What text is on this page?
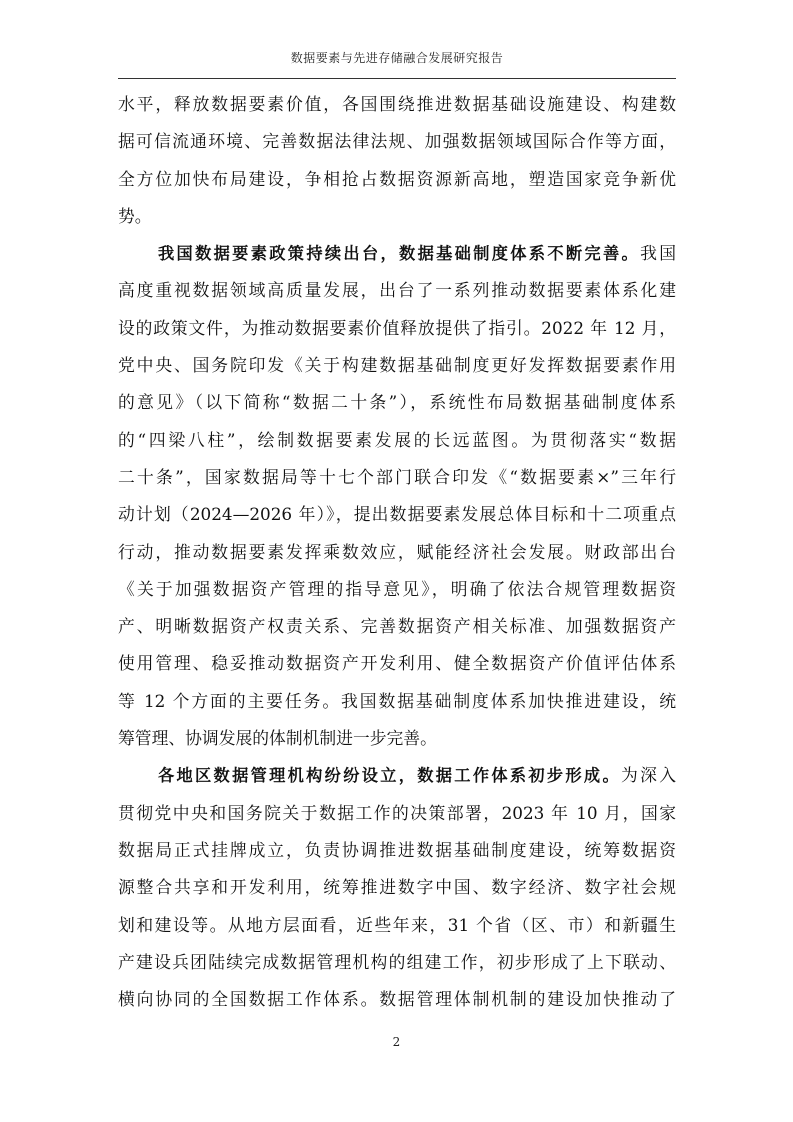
数据要素与先进存储融合发展研究报告
水平，释放数据要素价值，各国围绕推进数据基础设施建设、构建数
据可信流通环境、完善数据法律法规、加强数据领域国际合作等方面，
全方位加快布局建设，争相抢占数据资源新高地，塑造国家竞争新优
势。
我国数据要素政策持续出台，数据基础制度体系不断完善。我国
高度重视数据领域高质量发展，出台了一系列推动数据要素体系化建
设的政策文件，为推动数据要素价值释放提供了指引。2022 年 12 月，
党中央、国务院印发《关于构建数据基础制度更好发挥数据要素作用
的意见》（以下简称“数据二十条”），系统性布局数据基础制度体系
的“四梁八柱”，绘制数据要素发展的长远蓝图。为贯彻落实“数据
二十条”，国家数据局等十七个部门联合印发《“数据要素×”三年行
动计划（2024—2026 年）》，提出数据要素发展总体目标和十二项重点
行动，推动数据要素发挥乘数效应，赋能经济社会发展。财政部出台
《关于加强数据资产管理的指导意见》，明确了依法合规管理数据资
产、明晰数据资产权责关系、完善数据资产相关标准、加强数据资产
使用管理、稳妥推动数据资产开发利用、健全数据资产价值评估体系
等 12 个方面的主要任务。我国数据基础制度体系加快推进建设，统
筹管理、协调发展的体制机制进一步完善。
各地区数据管理机构纷纷设立，数据工作体系初步形成。为深入
贯彻党中央和国务院关于数据工作的决策部署，2023 年 10 月，国家
数据局正式挂牌成立，负责协调推进数据基础制度建设，统筹数据资
源整合共享和开发利用，统筹推进数字中国、数字经济、数字社会规
划和建设等。从地方层面看，近些年来，31 个省（区、市）和新疆生
产建设兵团陆续完成数据管理机构的组建工作，初步形成了上下联动、
横向协同的全国数据工作体系。数据管理体制机制的建设加快推动了
2
